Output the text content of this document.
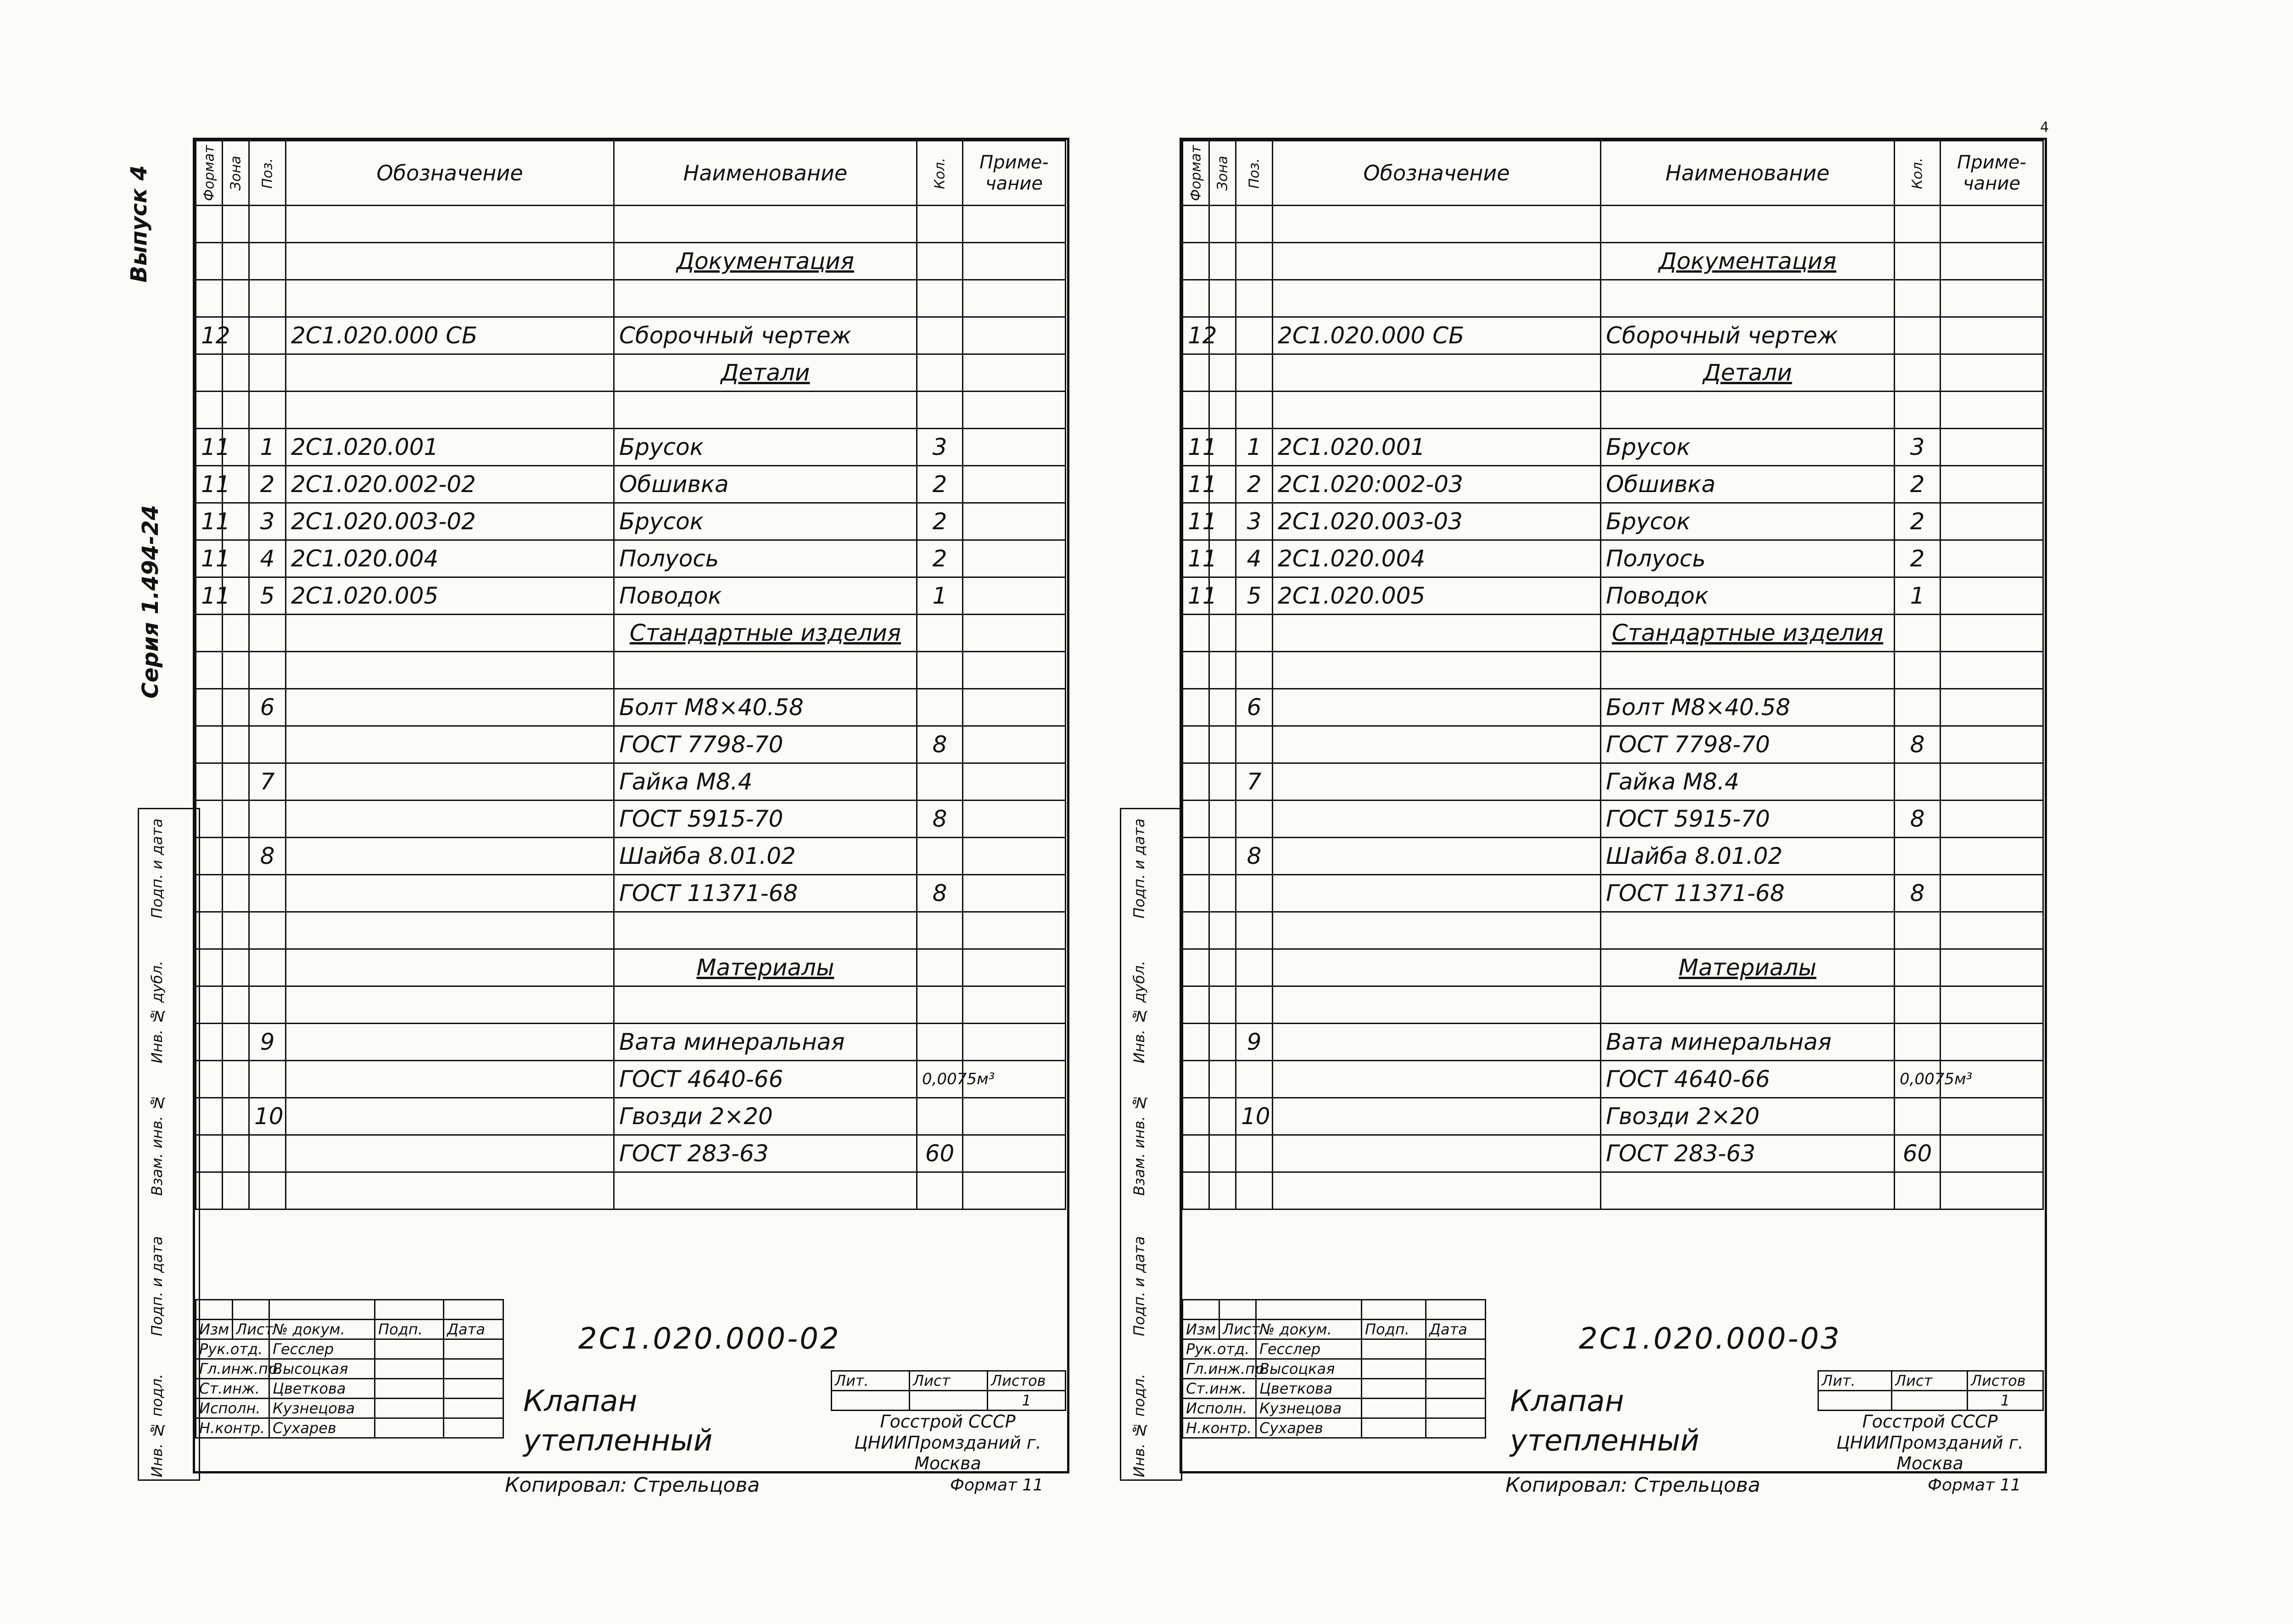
Выпуск 4
Серия 1.494-24
Подп. и дата
Инв. № дубл.
Взам. инв. №
Подп. и дата
Инв. № подл.
Подп. и дата
Инв. № дубл.
Взам. инв. №
Подп. и дата
Инв. № подл.
4
Формат	Зона	Поз.	Обозначение	Наименование	Кол.	Приме-чание

				Документация		

12			2С1.020.000 СБ	Сборочный чертеж		
				Детали		

11		1	2С1.020.001	Брусок	3	
11		2	2С1.020.002-02	Обшивка	2	
11		3	2С1.020.003-02	Брусок	2	
11		4	2С1.020.004	Полуось	2	
11		5	2С1.020.005	Поводок	1	
				Стандартные изделия		

		6		Болт М8×40.58		
				ГОСТ 7798-70	8	
		7		Гайка М8.4		
				ГОСТ 5915-70	8	
		8		Шайба 8.01.02		
				ГОСТ 11371-68	8	

				Материалы		

		9		Вата минеральная		
				ГОСТ 4640-66	0,0075м³	
		10		Гвозди 2×20		
				ГОСТ 283-63	60	

Изм	Лист	№ докум.	Подп.	Дата
Рук.отд.		Гесслер		
Гл.инж.пр.		Высоцкая		
Ст.инж.		Цветкова		
Исполн.		Кузнецова		
Н.контр.		Сухарев		
2С1.020.000-02
Клапан утепленный
Лит.	Лист	Листов
		1
Госстрой СССР ЦНИИПромзданий г. Москва
Копировал: Стрельцова	Формат 11
Формат	Зона	Поз.	Обозначение	Наименование	Кол.	Приме-чание

				Документация		

12			2С1.020.000 СБ	Сборочный чертеж		
				Детали		

11		1	2С1.020.001	Брусок	3	
11		2	2С1.020:002-03	Обшивка	2	
11		3	2С1.020.003-03	Брусок	2	
11		4	2С1.020.004	Полуось	2	
11		5	2С1.020.005	Поводок	1	
				Стандартные изделия		

		6		Болт М8×40.58		
				ГОСТ 7798-70	8	
		7		Гайка М8.4		
				ГОСТ 5915-70	8	
		8		Шайба 8.01.02		
				ГОСТ 11371-68	8	

				Материалы		

		9		Вата минеральная		
				ГОСТ 4640-66	0,0075м³	
		10		Гвозди 2×20		
				ГОСТ 283-63	60	

Изм	Лист	№ докум.	Подп.	Дата
Рук.отд.		Гесслер		
Гл.инж.пр.		Высоцкая		
Ст.инж.		Цветкова		
Исполн.		Кузнецова		
Н.контр.		Сухарев		
2С1.020.000-03
Клапан утепленный
Лит.	Лист	Листов
		1
Госстрой СССР ЦНИИПромзданий г. Москва
Копировал: Стрельцова	Формат 11
